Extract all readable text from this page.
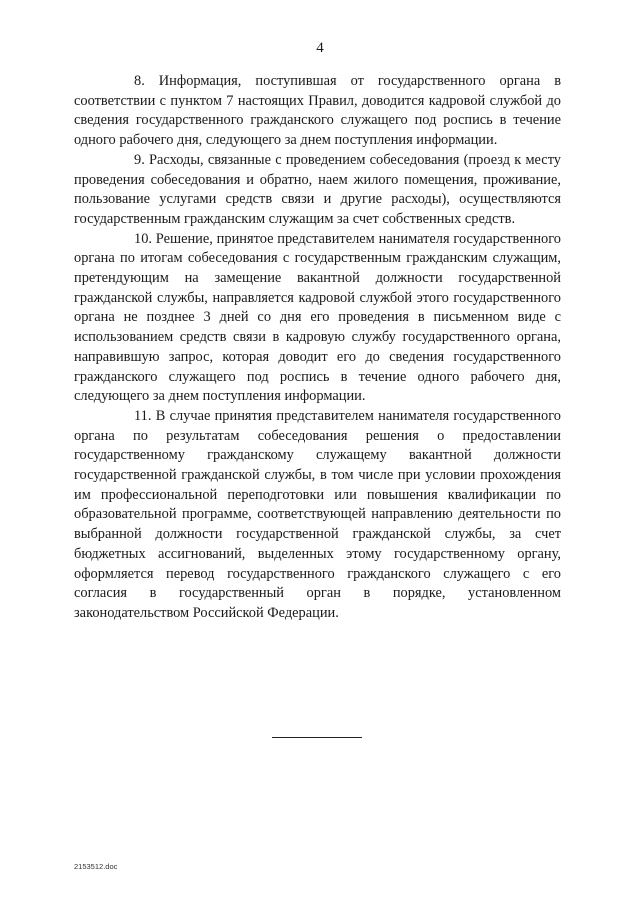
4

8. Информация, поступившая от государственного органа в соответствии с пунктом 7 настоящих Правил, доводится кадровой службой до сведения государственного гражданского служащего под роспись в течение одного рабочего дня, следующего за днем поступления информации.

9. Расходы, связанные с проведением собеседования (проезд к месту проведения собеседования и обратно, наем жилого помещения, проживание, пользование услугами средств связи и другие расходы), осуществляются государственным гражданским служащим за счет собственных средств.

10. Решение, принятое представителем нанимателя государственного органа по итогам собеседования с государственным гражданским служащим, претендующим на замещение вакантной должности государственной гражданской службы, направляется кадровой службой этого государственного органа не позднее 3 дней со дня его проведения в письменном виде с использованием средств связи в кадровую службу государственного органа, направившую запрос, которая доводит его до сведения государственного гражданского служащего под роспись в течение одного рабочего дня, следующего за днем поступления информации.

11. В случае принятия представителем нанимателя государственного органа по результатам собеседования решения о предоставлении государственному гражданскому служащему вакантной должности государственной гражданской службы, в том числе при условии прохождения им профессиональной переподготовки или повышения квалификации по образовательной программе, соответствующей направлению деятельности по выбранной должности государственной гражданской службы, за счет бюджетных ассигнований, выделенных этому государственному органу, оформляется перевод государственного гражданского служащего с его согласия в государственный орган в порядке, установленном законодательством Российской Федерации.

2153512.doc
